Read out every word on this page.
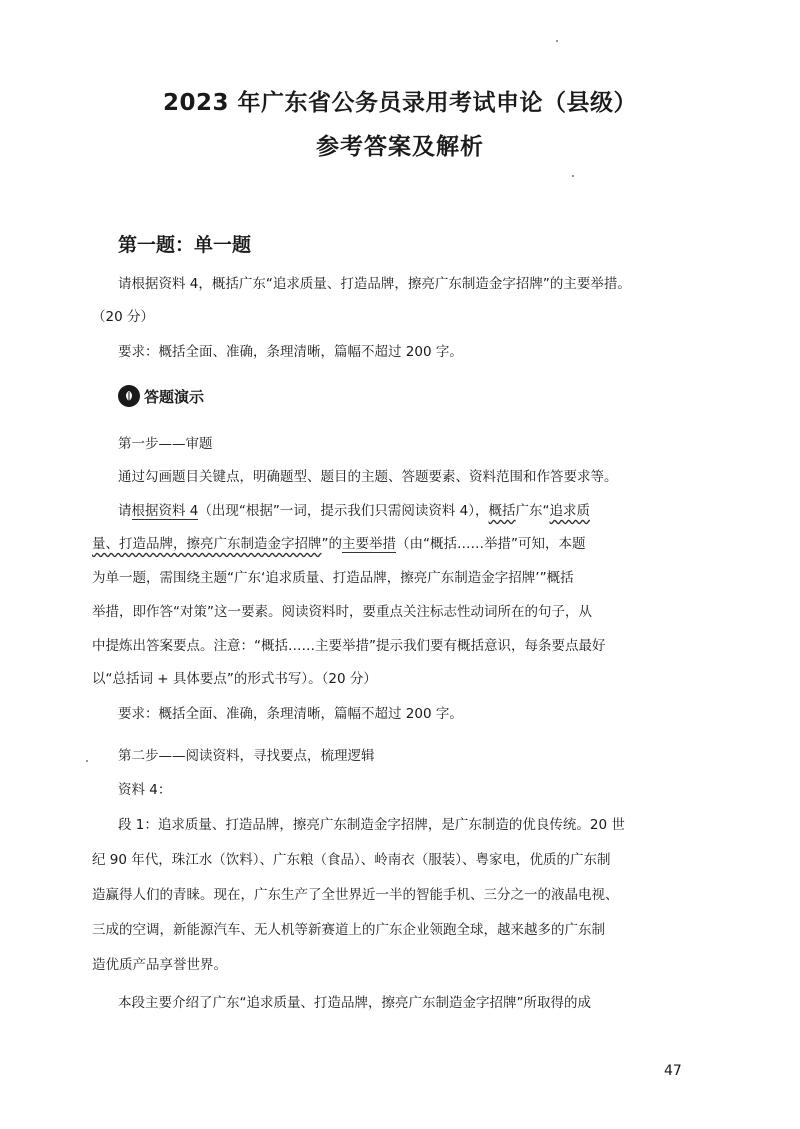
2023 年广东省公务员录用考试申论（县级）
参考答案及解析
第一题：单一题
请根据资料 4，概括广东“追求质量、打造品牌，擦亮广东制造金字招牌”的主要举措。
（20 分）
要求：概括全面、准确，条理清晰，篇幅不超过 200 字。
答题演示
第一步——审题
通过勾画题目关键点，明确题型、题目的主题、答题要素、资料范围和作答要求等。
请根据资料 4（出现“根据”一词，提示我们只需阅读资料 4），概括广东“追求质
量、打造品牌，擦亮广东制造金字招牌”的主要举措（由“概括……举措”可知，本题
为单一题，需围绕主题“广东‘追求质量、打造品牌，擦亮广东制造金字招牌’”概括
举措，即作答“对策”这一要素。阅读资料时，要重点关注标志性动词所在的句子，从
中提炼出答案要点。注意：“概括……主要举措”提示我们要有概括意识，每条要点最好
以“总括词 + 具体要点”的形式书写）。（20 分）
要求：概括全面、准确，条理清晰，篇幅不超过 200 字。
第二步——阅读资料，寻找要点，梳理逻辑
资料 4：
段 1：追求质量、打造品牌，擦亮广东制造金字招牌，是广东制造的优良传统。20 世
纪 90 年代，珠江水（饮料）、广东粮（食品）、岭南衣（服装）、粤家电，优质的广东制
造赢得人们的青睐。现在，广东生产了全世界近一半的智能手机、三分之一的液晶电视、
三成的空调，新能源汽车、无人机等新赛道上的广东企业领跑全球，越来越多的广东制
造优质产品享誉世界。
本段主要介绍了广东“追求质量、打造品牌，擦亮广东制造金字招牌”所取得的成
47
